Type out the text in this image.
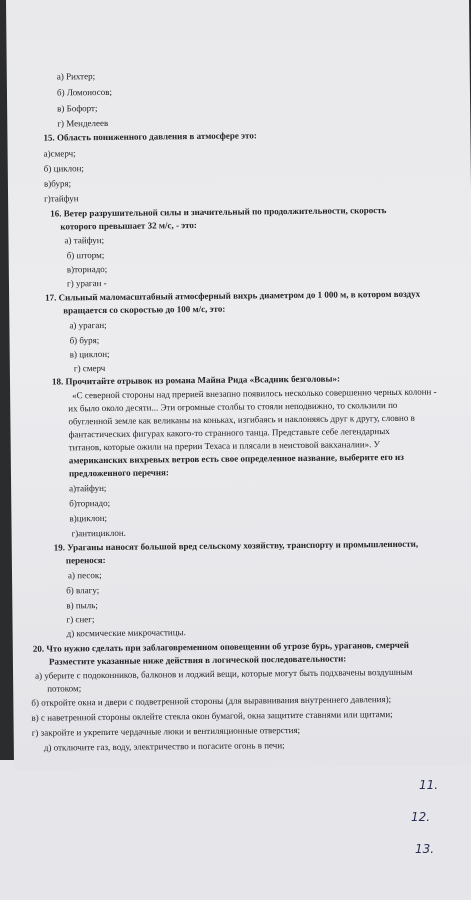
а) Рихтер;
б) Ломоносов;
в) Бофорт;
г) Менделеев
15. Область пониженного давления в атмосфере это:
а)смерч;
б) циклон;
в)буря;
г)тайфун
16. Ветер разрушительной силы и значительный по продолжительности, скорость
которого превышает 32 м/с, - это:
а) тайфун;
б) шторм;
в)торнадо;
г) ураган -
17. Сильный маломасштабный атмосферный вихрь диаметром до 1 000 м, в котором воздух
вращается со скоростью до 100 м/с, это:
а) ураган;
б) буря;
в) циклон;
г) смерч
18. Прочитайте отрывок из романа Майна Рида «Всадник безголовы»:
«С северной стороны над прерией внезапно появилось несколько совершенно черных колонн -
их было около десяти... Эти огромные столбы то стояли неподвижно, то скользили по
обугленной земле как великаны на коньках, изгибаясь и наклоняясь друг к другу, словно в
фантастических фигурах какого-то странного танца. Представьте себе легендарных
титанов, которые ожили на прерии Техаса и плясали в неистовой вакханалии». У
американских вихревых ветров есть свое определенное название, выберите его из
предложенного перечня:
а)тайфун;
б)торнадо;
в)циклон;
г)антициклон.
19. Ураганы наносят большой вред сельскому хозяйству, транспорту и промышленности,
перенося:
а) песок;
б) влагу;
в) пыль;
г) снег;
д) космические микрочастицы.
20. Что нужно сделать при заблаговременном оповещении об угрозе бурь, ураганов, смерчей
Разместите указанные ниже действия в логической последовательности:
а) уберите с подоконников, балконов и лоджий вещи, которые могут быть подхвачены воздушным
потоком;
б) откройте окна и двери с подветренной стороны (для выравнивания внутреннего давления);
в) с наветренной стороны оклейте стекла окон бумагой, окна защитите ставнями или щитами;
г) закройте и укрепите чердачные люки и вентиляционные отверстия;
д) отключите газ, воду, электричество и погасите огонь в печи;
11.
12.
13.
